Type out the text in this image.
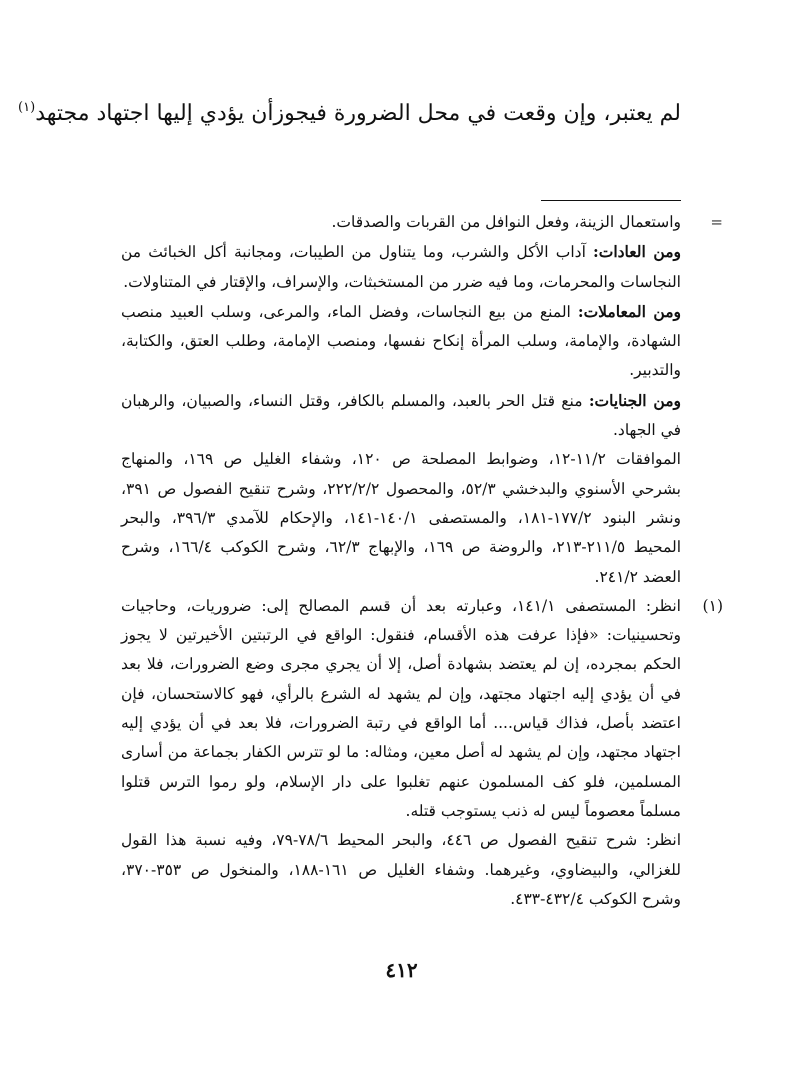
لم يعتبر، وإن وقعت في محل الضرورة فيجوزأن يؤدي إليها اجتهاد مجتهد$^{(١)}$

=
واستعمال الزينة، وفعل النوافل من القربات والصدقات.

ومن العادات: آداب الأكل والشرب، وما يتناول من الطيبات، ومجانبة أكل الخبائث من النجاسات والمحرمات، وما فيه ضرر من المستخبثات، والإسراف، والإقتار في المتناولات.

ومن المعاملات: المنع من بيع النجاسات، وفضل الماء، والمرعى، وسلب العبيد منصب الشهادة، والإمامة، وسلب المرأة إنكاح نفسها، ومنصب الإمامة، وطلب العتق، والكتابة، والتدبير.

ومن الجنايات: منع قتل الحر بالعبد، والمسلم بالكافر، وقتل النساء، والصبيان، والرهبان في الجهاد.

الموافقات ١١/٢-١٢، وضوابط المصلحة ص ١٢٠، وشفاء الغليل ص ١٦٩، والمنهاج بشرحي الأسنوي والبدخشي ٥٢/٣، والمحصول ٢٢٢/٢/٢، وشرح تنقيح الفصول ص ٣٩١، ونشر البنود ١٧٧/٢-١٨١، والمستصفى ١٤٠/١-١٤١، والإحكام للآمدي ٣٩٦/٣، والبحر المحيط ٢١١/٥-٢١٣، والروضة ص ١٦٩، والإبهاج ٦٢/٣، وشرح الكوكب ١٦٦/٤، وشرح العضد ٢٤١/٢.

(١)
انظر: المستصفى ١٤١/١، وعبارته بعد أن قسم المصالح إلى: ضروريات، وحاجيات وتحسينيات: «فإذا عرفت هذه الأقسام، فنقول: الواقع في الرتبتين الأخيرتين لا يجوز الحكم بمجرده، إن لم يعتضد بشهادة أصل، إلا أن يجري مجرى وضع الضرورات، فلا بعد في أن يؤدي إليه اجتهاد مجتهد، وإن لم يشهد له الشرع بالرأي، فهو كالاستحسان، فإن اعتضد بأصل، فذاك قياس.... أما الواقع في رتبة الضرورات، فلا بعد في أن يؤدي إليه اجتهاد مجتهد، وإن لم يشهد له أصل معين، ومثاله: ما لو تترس الكفار بجماعة من أسارى المسلمين، فلو كف المسلمون عنهم تغلبوا على دار الإسلام، ولو رموا الترس قتلوا مسلماً معصوماً ليس له ذنب يستوجب قتله.

انظر: شرح تنقيح الفصول ص ٤٤٦، والبحر المحيط ٧٨/٦-٧٩، وفيه نسبة هذا القول للغزالي، والبيضاوي، وغيرهما. وشفاء الغليل ص ١٦١-١٨٨، والمنخول ص ٣٥٣-٣٧٠، وشرح الكوكب ٤٣٢/٤-٤٣٣.

٤١٢
